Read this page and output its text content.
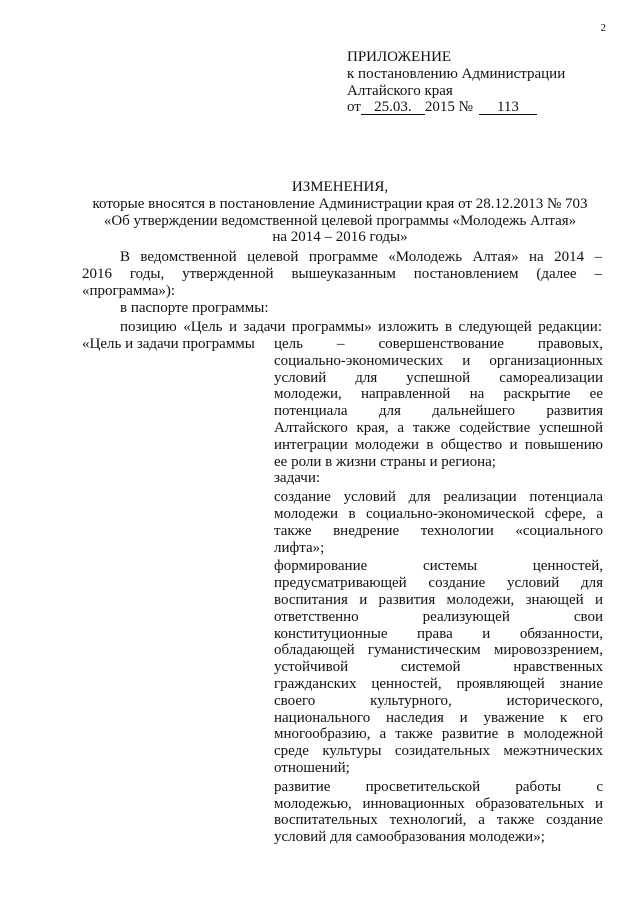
2
ПРИЛОЖЕНИЕ
к постановлению Администрации
Алтайского края
от 25.03. 2015 № 113
ИЗМЕНЕНИЯ,
которые вносятся в постановление Администрации края от 28.12.2013 № 703
«Об утверждении ведомственной целевой программы «Молодежь Алтая»
на 2014 – 2016 годы»
В ведомственной целевой программе «Молодежь Алтая» на 2014 –
2016 годы, утвержденной вышеуказанным постановлением (далее –
«программа»):
в паспорте программы:
позицию «Цель и задачи программы» изложить в следующей редакции:
«Цель и задачи программы цель – совершенствование правовых,
социально-экономических и организационных
условий для успешной самореализации
молодежи, направленной на раскрытие ее
потенциала для дальнейшего развития
Алтайского края, а также содействие успешной
интеграции молодежи в общество и повышению
ее роли в жизни страны и региона;
задачи:
создание условий для реализации потенциала
молодежи в социально-экономической сфере, а
также внедрение технологии «социального
лифта»;
формирование системы ценностей,
предусматривающей создание условий для
воспитания и развития молодежи, знающей и
ответственно реализующей свои
конституционные права и обязанности,
обладающей гуманистическим мировоззрением,
устойчивой системой нравственных
гражданских ценностей, проявляющей знание
своего культурного, исторического,
национального наследия и уважение к его
многообразию, а также развитие в молодежной
среде культуры созидательных межэтнических
отношений;
развитие просветительской работы с
молодежью, инновационных образовательных и
воспитательных технологий, а также создание
условий для самообразования молодежи»;
